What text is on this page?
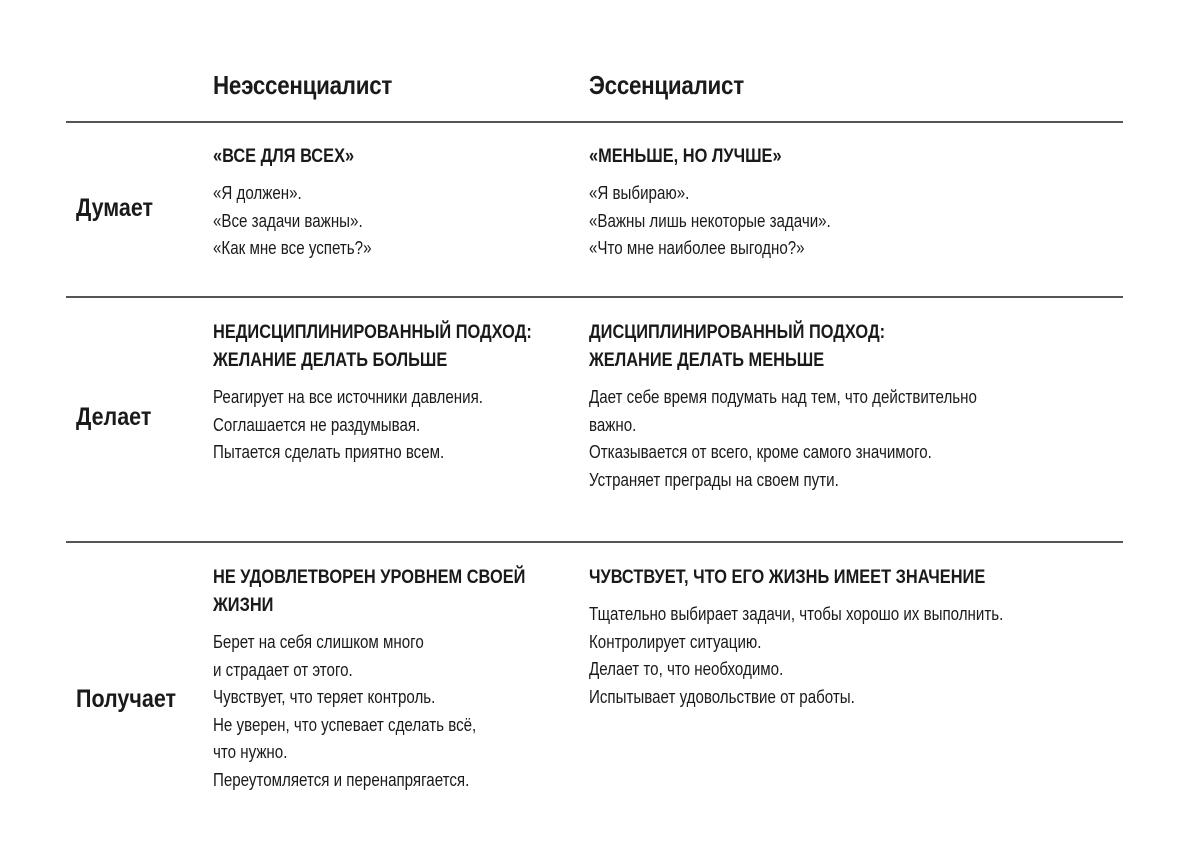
Неэссенциалист	Эссенциалист
Думает
«ВСЕ ДЛЯ ВСЕХ»
«Я должен».
«Все задачи важны».
«Как мне все успеть?»
«МЕНЬШЕ, НО ЛУЧШЕ»
«Я выбираю».
«Важны лишь некоторые задачи».
«Что мне наиболее выгодно?»
Делает
НЕДИСЦИПЛИНИРОВАННЫЙ ПОДХОД:
ЖЕЛАНИЕ ДЕЛАТЬ БОЛЬШЕ
Реагирует на все источники давления.
Соглашается не раздумывая.
Пытается сделать приятно всем.
ДИСЦИПЛИНИРОВАННЫЙ ПОДХОД:
ЖЕЛАНИЕ ДЕЛАТЬ МЕНЬШЕ
Дает себе время подумать над тем, что действительно
важно.
Отказывается от всего, кроме самого значимого.
Устраняет преграды на своем пути.
Получает
НЕ УДОВЛЕТВОРЕН УРОВНЕМ СВОЕЙ
ЖИЗНИ
Берет на себя слишком много
и страдает от этого.
Чувствует, что теряет контроль.
Не уверен, что успевает сделать всё,
что нужно.
Переутомляется и перенапрягается.
ЧУВСТВУЕТ, ЧТО ЕГО ЖИЗНЬ ИМЕЕТ ЗНАЧЕНИЕ
Тщательно выбирает задачи, чтобы хорошо их выполнить.
Контролирует ситуацию.
Делает то, что необходимо.
Испытывает удовольствие от работы.
